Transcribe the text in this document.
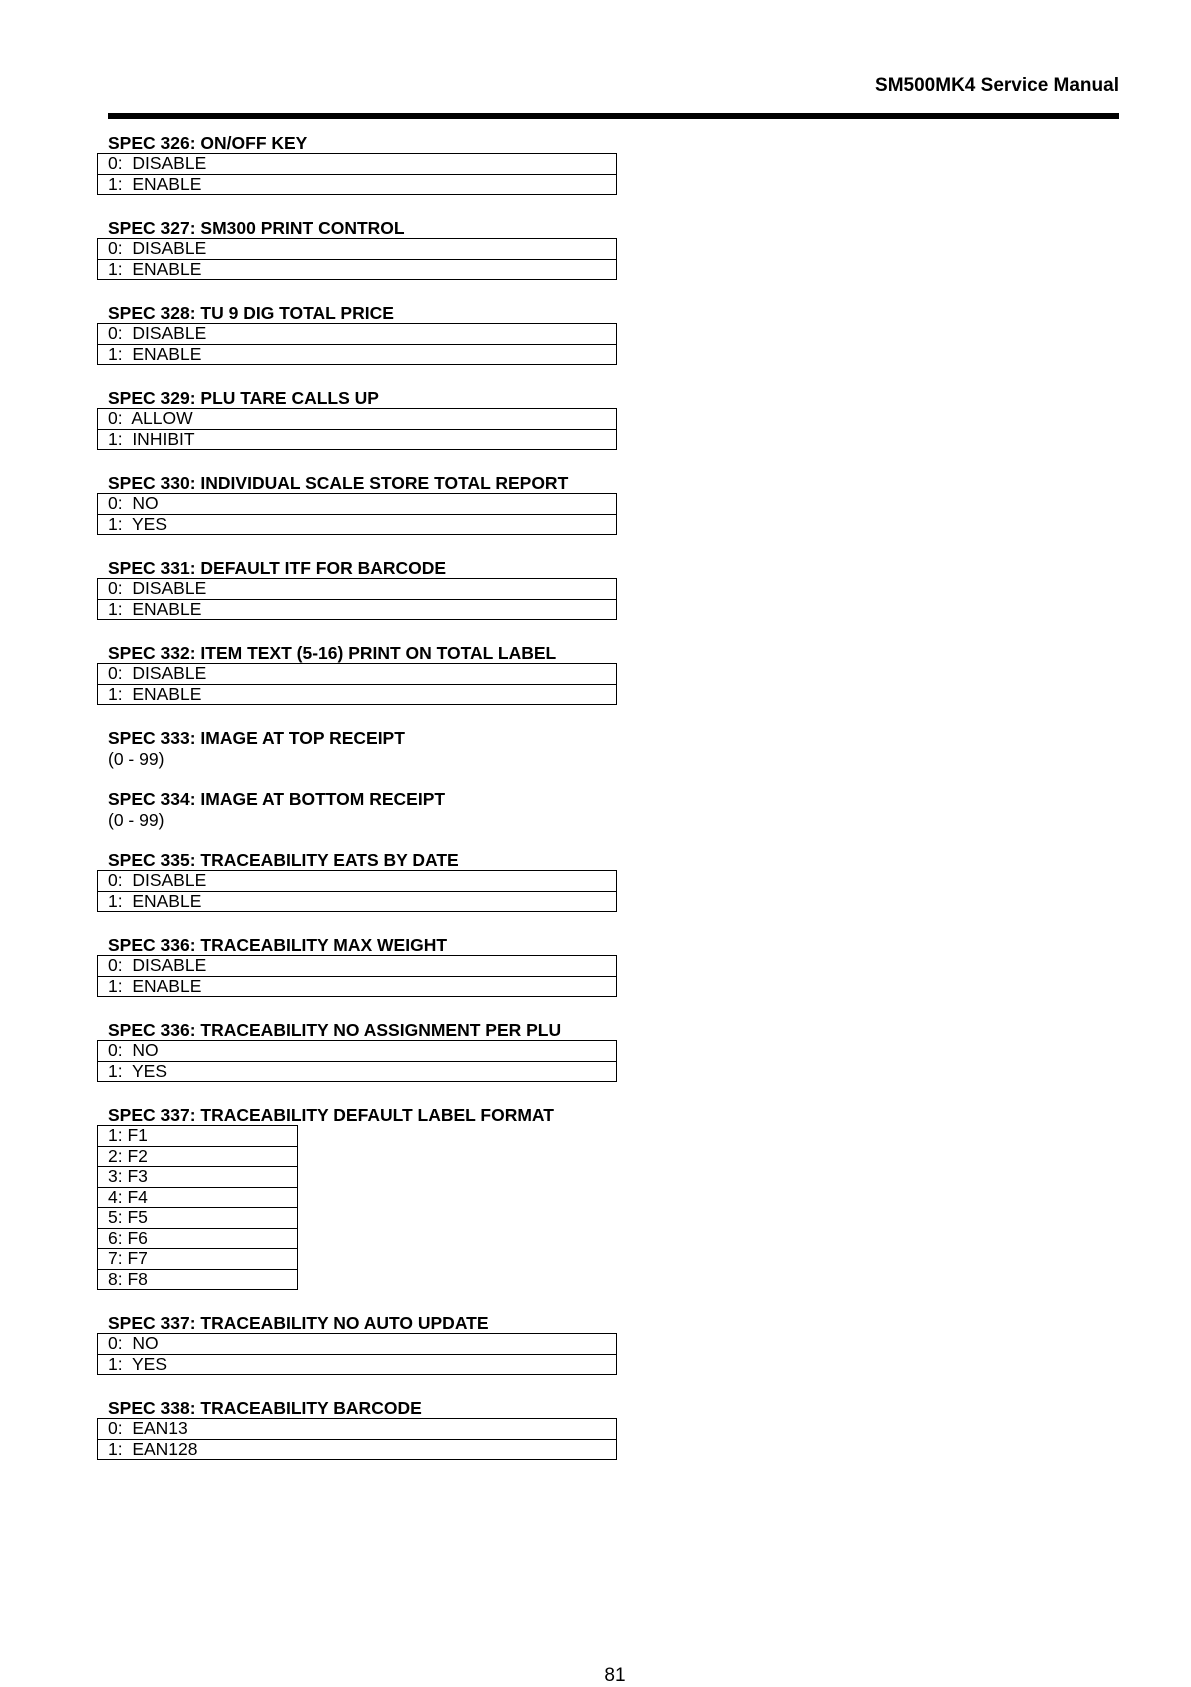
SM500MK4 Service Manual
SPEC 326: ON/OFF KEY
0:  DISABLE
1:  ENABLE
SPEC 327: SM300 PRINT CONTROL
0:  DISABLE
1:  ENABLE
SPEC 328: TU 9 DIG TOTAL PRICE
0:  DISABLE
1:  ENABLE
SPEC 329: PLU TARE CALLS UP
0:  ALLOW
1:  INHIBIT
SPEC 330: INDIVIDUAL SCALE STORE TOTAL REPORT
0:  NO
1:  YES
SPEC 331: DEFAULT ITF FOR BARCODE
0:  DISABLE
1:  ENABLE
SPEC 332: ITEM TEXT (5-16) PRINT ON TOTAL LABEL
0:  DISABLE
1:  ENABLE
SPEC 333: IMAGE AT TOP RECEIPT
(0 - 99)
SPEC 334: IMAGE AT BOTTOM RECEIPT
(0 - 99)
SPEC 335: TRACEABILITY EATS BY DATE
0:  DISABLE
1:  ENABLE
SPEC 336: TRACEABILITY MAX WEIGHT
0:  DISABLE
1:  ENABLE
SPEC 336: TRACEABILITY NO ASSIGNMENT PER PLU
0:  NO
1:  YES
SPEC 337: TRACEABILITY DEFAULT LABEL FORMAT
1: F1
2: F2
3: F3
4: F4
5: F5
6: F6
7: F7
8: F8
SPEC 337: TRACEABILITY NO AUTO UPDATE
0:  NO
1:  YES
SPEC 338: TRACEABILITY BARCODE
0:  EAN13
1:  EAN128
81
